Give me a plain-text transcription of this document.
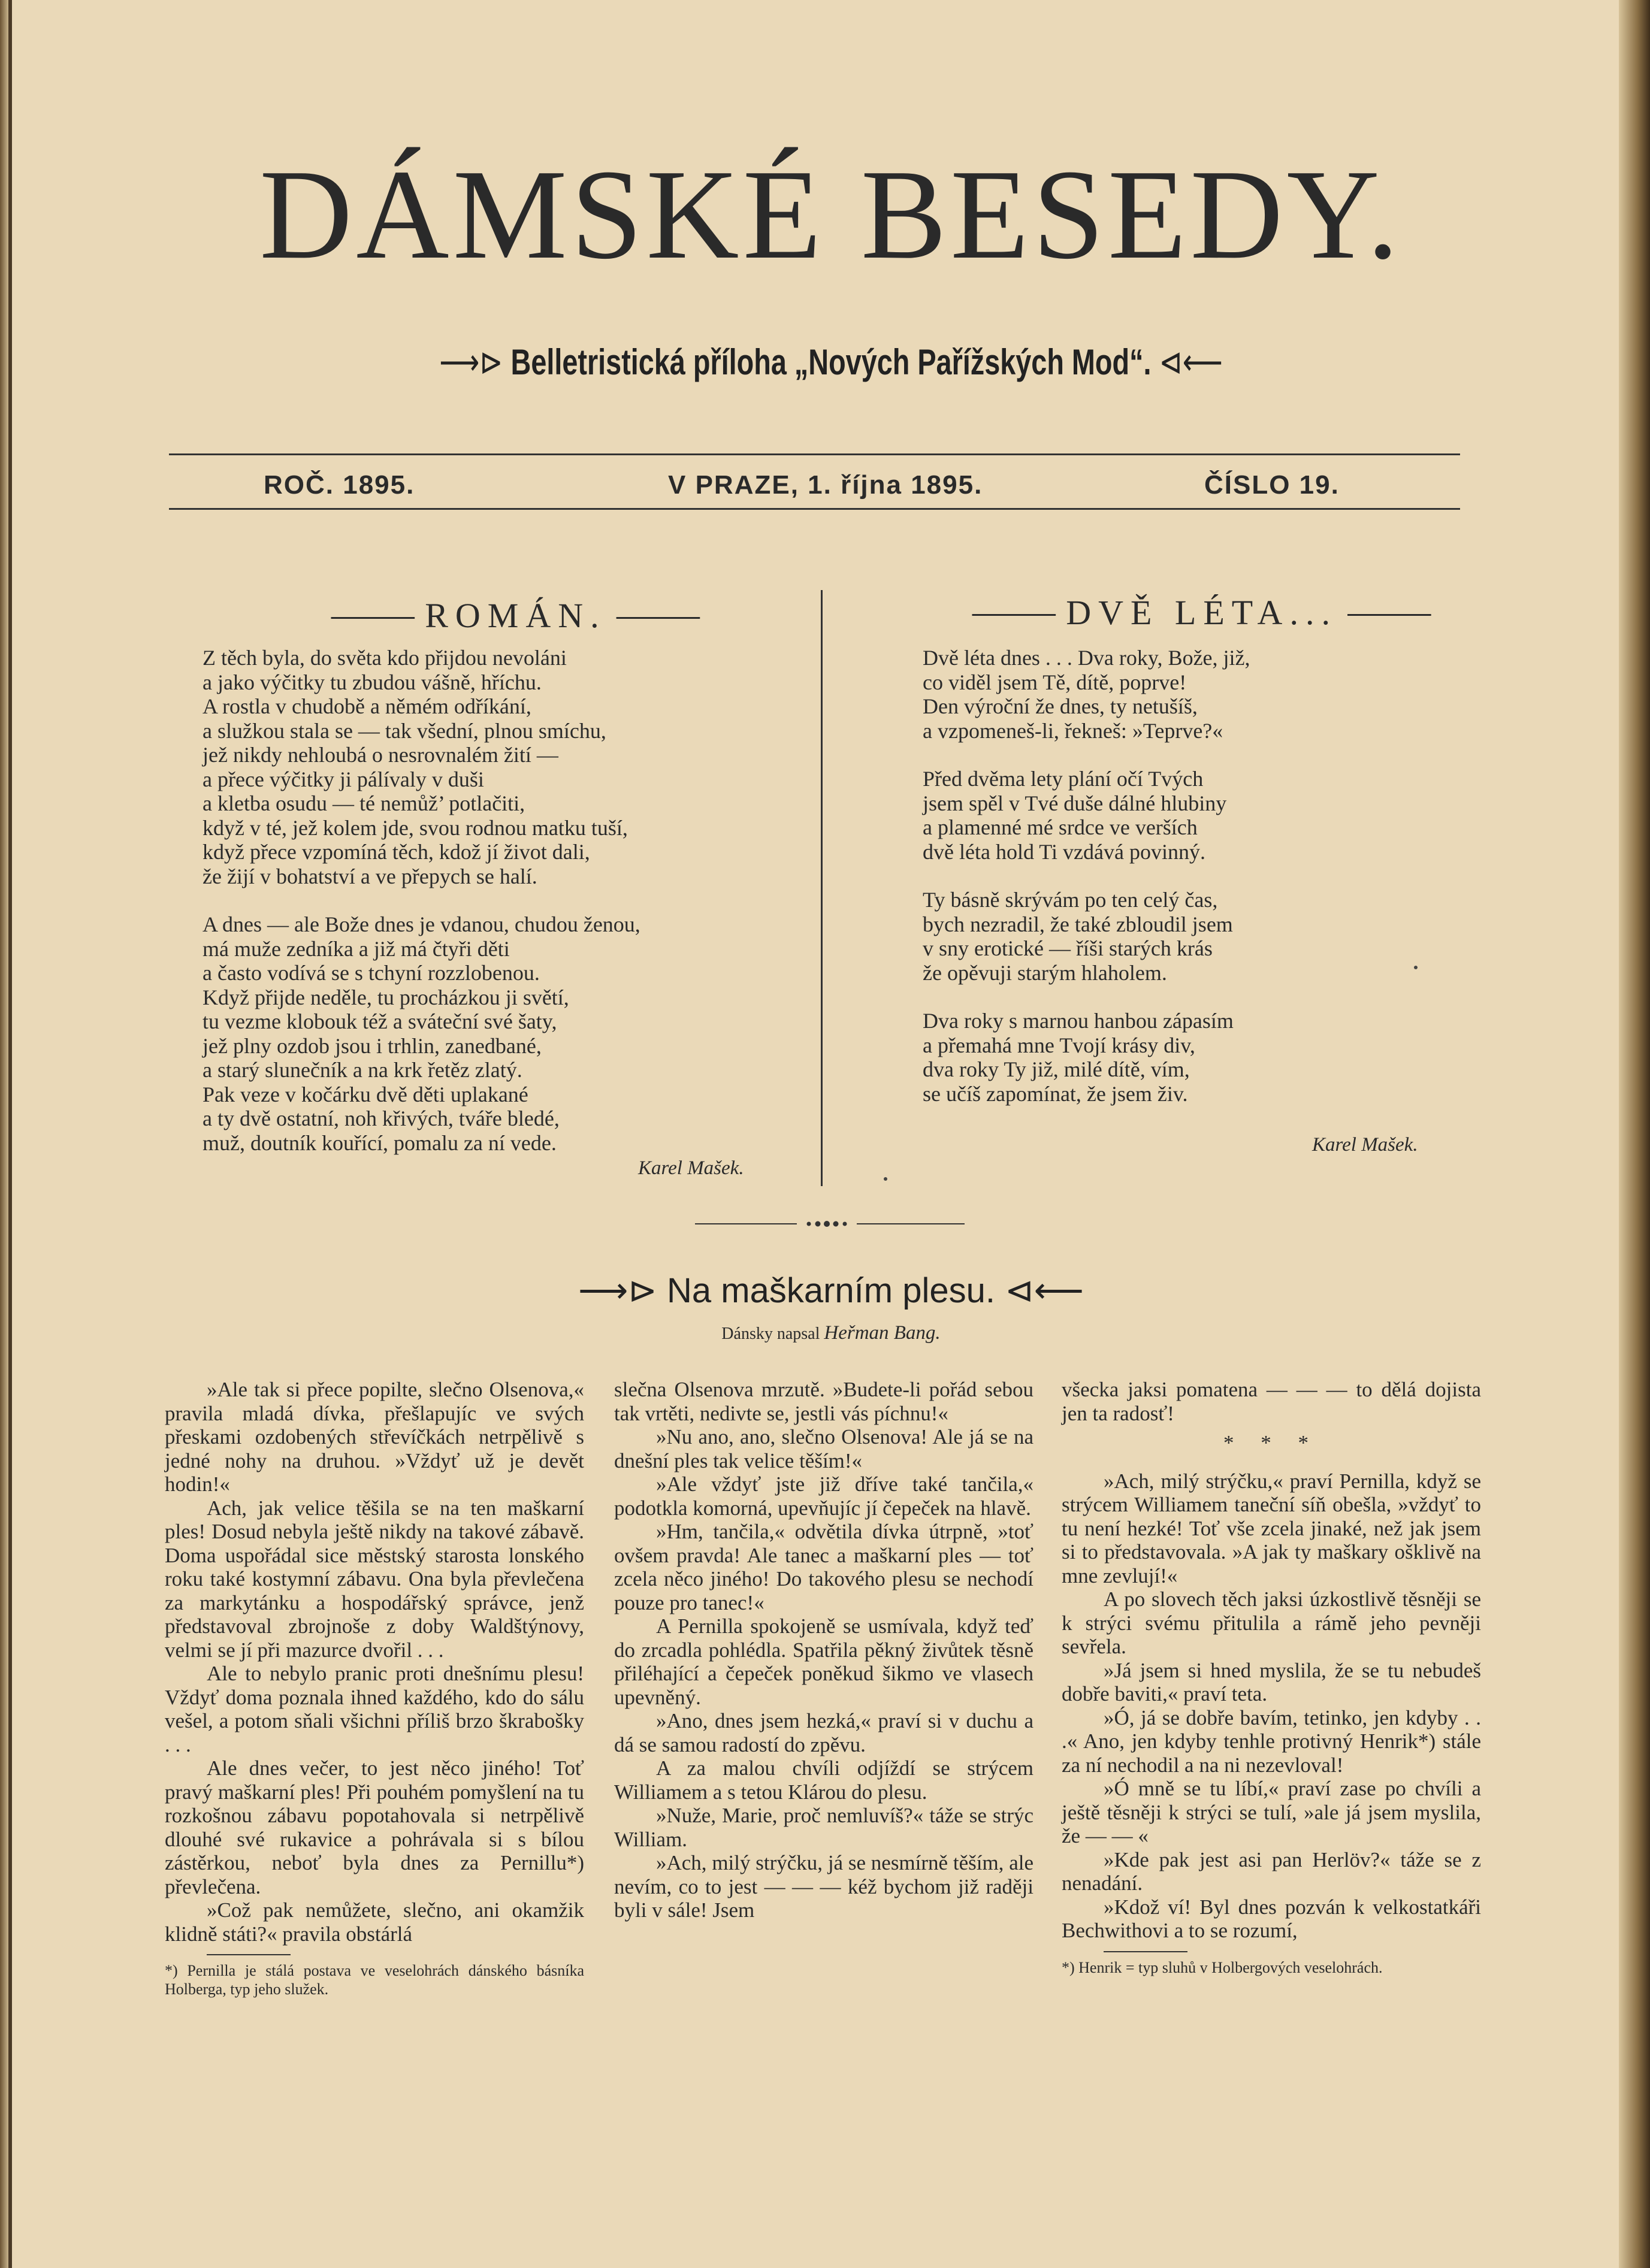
DÁMSKÉ BESEDY.
⟶⊳ Belletristická příloha „Nových Pařížských Mod“. ⊲⟵
ROČ. 1895.	V PRAZE, 1. října 1895.	ČÍSLO 19.
⸻ ROMÁN. ⸻
Z těch byla, do světa kdo přijdou nevoláni
a jako výčitky tu zbudou vášně, hříchu.
A rostla v chudobě a němém odříkání,
a služkou stala se — tak všední, plnou smíchu,
jež nikdy nehloubá o nesrovnalém žití —
a přece výčitky ji pálívaly v duši
a kletba osudu — té nemůž’ potlačiti,
když v té, jež kolem jde, svou rodnou matku tuší,
když přece vzpomíná těch, kdož jí život dali,
že žijí v bohatství a ve přepych se halí.
A dnes — ale Bože dnes je vdanou, chudou ženou,
má muže zedníka a již má čtyři děti
a často vodívá se s tchyní rozzlobenou.
Když přijde neděle, tu procházkou ji světí,
tu vezme klobouk též a sváteční své šaty,
jež plny ozdob jsou i trhlin, zanedbané,
a starý slunečník a na krk řetěz zlatý.
Pak veze v kočárku dvě děti uplakané
a ty dvě ostatní, noh křivých, tváře bledé,
muž, doutník kouřící, pomalu za ní vede.
Karel Mašek.
⸻ DVĚ LÉTA... ⸻
Dvě léta dnes . . . Dva roky, Bože, již,
co viděl jsem Tě, dítě, poprve!
Den výroční že dnes, ty netušíš,
a vzpomeneš-li, řekneš: »Teprve?«
Před dvěma lety plání očí Tvých
jsem spěl v Tvé duše dálné hlubiny
a plamenné mé srdce ve verších
dvě léta hold Ti vzdává povinný.
Ty básně skrývám po ten celý čas,
bych nezradil, že také zbloudil jsem
v sny erotické — říši starých krás
že opěvuji starým hlaholem.
Dva roky s marnou hanbou zápasím
a přemahá mne Tvojí krásy div,
dva roky Ty již, milé dítě, vím,
se učíš zapomínat, že jsem živ.
Karel Mašek.
⟶⊳ Na maškarním plesu. ⊲⟵
Dánsky napsal Heřman Bang.

»Ale tak si přece popilte, slečno Olsenova,« pravila mladá dívka, přešlapujíc ve svých přeskami ozdobených střevíčkách netrpělivě s jedné nohy na druhou. »Vždyť už je devět hodin!«

Ach, jak velice těšila se na ten maškarní ples! Dosud nebyla ještě nikdy na takové zábavě. Doma uspořádal sice městský starosta lonského roku také kostymní zábavu. Ona byla převlečena za markytánku a hospodářský správce, jenž představoval zbrojnoše z doby Waldštýnovy, velmi se jí při mazurce dvořil . . .

Ale to nebylo pranic proti dnešnímu plesu! Vždyť doma poznala ihned každého, kdo do sálu vešel, a potom sňali všichni příliš brzo škrabošky . . .

Ale dnes večer, to jest něco jiného! Toť pravý maškarní ples! Při pouhém pomyšlení na tu rozkošnou zábavu popotahovala si netrpělivě dlouhé své rukavice a pohrávala si s bílou zástěrkou, neboť byla dnes za Pernillu*) převlečena.

»Což pak nemůžete, slečno, ani okamžik klidně státi?« pravila obstárlá

*) Pernilla je stálá postava ve veselohrách dánského básníka Holberga, typ jeho služek.

slečna Olsenova mrzutě. »Budete-li pořád sebou tak vrtěti, nedivte se, jestli vás píchnu!«

»Nu ano, ano, slečno Olsenova! Ale já se na dnešní ples tak velice těším!«

»Ale vždyť jste již dříve také tančila,« podotkla komorná, upevňujíc jí čepeček na hlavě.

»Hm, tančila,« odvětila dívka útrpně, »toť ovšem pravda! Ale tanec a maškarní ples — toť zcela něco jiného! Do takového plesu se nechodí pouze pro tanec!«

A Pernilla spokojeně se usmívala, když teď do zrcadla pohlédla. Spatřila pěkný živůtek těsně přiléhající a čepeček poněkud šikmo ve vlasech upevněný.

»Ano, dnes jsem hezká,« praví si v duchu a dá se samou radostí do zpěvu.

A za malou chvíli odjíždí se strýcem Williamem a s tetou Klárou do plesu.

»Nuže, Marie, proč nemluvíš?« táže se strýc William.

»Ach, milý strýčku, já se nesmírně těším, ale nevím, co to jest — — — kéž bychom již raději byli v sále! Jsem

všecka jaksi pomatena — — — to dělá dojista jen ta radosť!

* * *

»Ach, milý strýčku,« praví Pernilla, když se strýcem Williamem taneční síň obešla, »vždyť to tu není hezké! Toť vše zcela jinaké, než jak jsem si to představovala. »A jak ty maškary ošklivě na mne zevlují!«

A po slovech těch jaksi úzkostlivě těsněji se k strýci svému přitulila a rámě jeho pevněji sevřela.

»Já jsem si hned myslila, že se tu nebudeš dobře baviti,« praví teta.

»Ó, já se dobře bavím, tetinko, jen kdyby . . .« Ano, jen kdyby tenhle protivný Henrik*) stále za ní nechodil a na ni nezevloval!

»Ó mně se tu líbí,« praví zase po chvíli a ještě těsněji k strýci se tulí, »ale já jsem myslila, že — — «

»Kde pak jest asi pan Herlöv?« táže se z nenadání.

»Kdož ví! Byl dnes pozván k velkostatkáři Bechwithovi a to se rozumí,

*) Henrik = typ sluhů v Holbergových veselohrách.
